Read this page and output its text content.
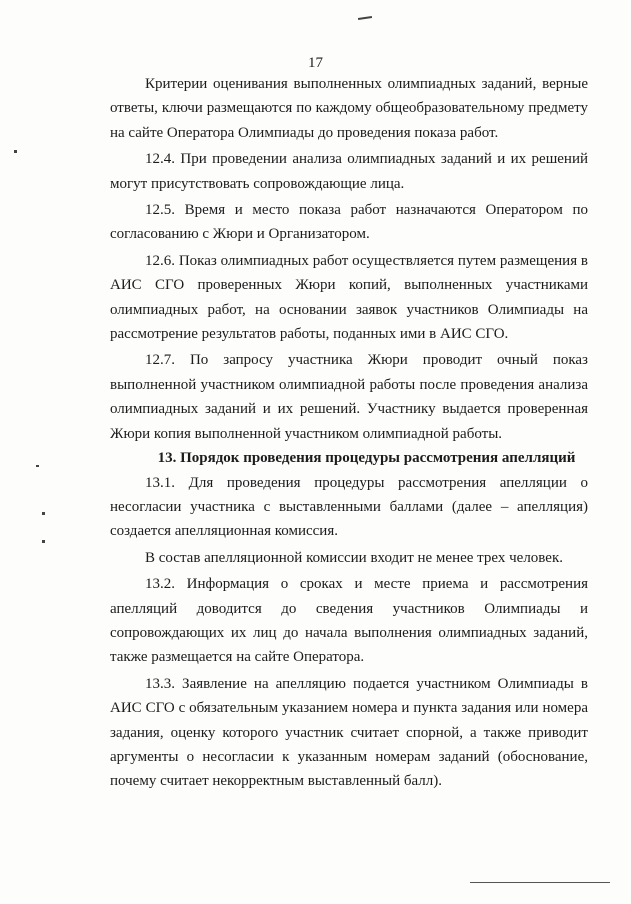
17

Критерии оценивания выполненных олимпиадных заданий, верные ответы, ключи размещаются по каждому общеобразовательному предмету на сайте Оператора Олимпиады до проведения показа работ.

12.4. При проведении анализа олимпиадных заданий и их решений могут присутствовать сопровождающие лица.

12.5. Время и место показа работ назначаются Оператором по согласованию с Жюри и Организатором.

12.6. Показ олимпиадных работ осуществляется путем размещения в АИС СГО проверенных Жюри копий, выполненных участниками олимпиадных работ, на основании заявок участников Олимпиады на рассмотрение результатов работы, поданных ими в АИС СГО.

12.7. По запросу участника Жюри проводит очный показ выполненной участником олимпиадной работы после проведения анализа олимпиадных заданий и их решений. Участнику выдается проверенная Жюри копия выполненной участником олимпиадной работы.

13. Порядок проведения процедуры рассмотрения апелляций

13.1. Для проведения процедуры рассмотрения апелляции о несогласии участника с выставленными баллами (далее – апелляция) создается апелляционная комиссия.

В состав апелляционной комиссии входит не менее трех человек.

13.2. Информация о сроках и месте приема и рассмотрения апелляций доводится до сведения участников Олимпиады и сопровождающих их лиц до начала выполнения олимпиадных заданий, также размещается на сайте Оператора.

13.3. Заявление на апелляцию подается участником Олимпиады в АИС СГО с обязательным указанием номера и пункта задания или номера задания, оценку которого участник считает спорной, а также приводит аргументы о несогласии к указанным номерам заданий (обоснование, почему считает некорректным выставленный балл).
